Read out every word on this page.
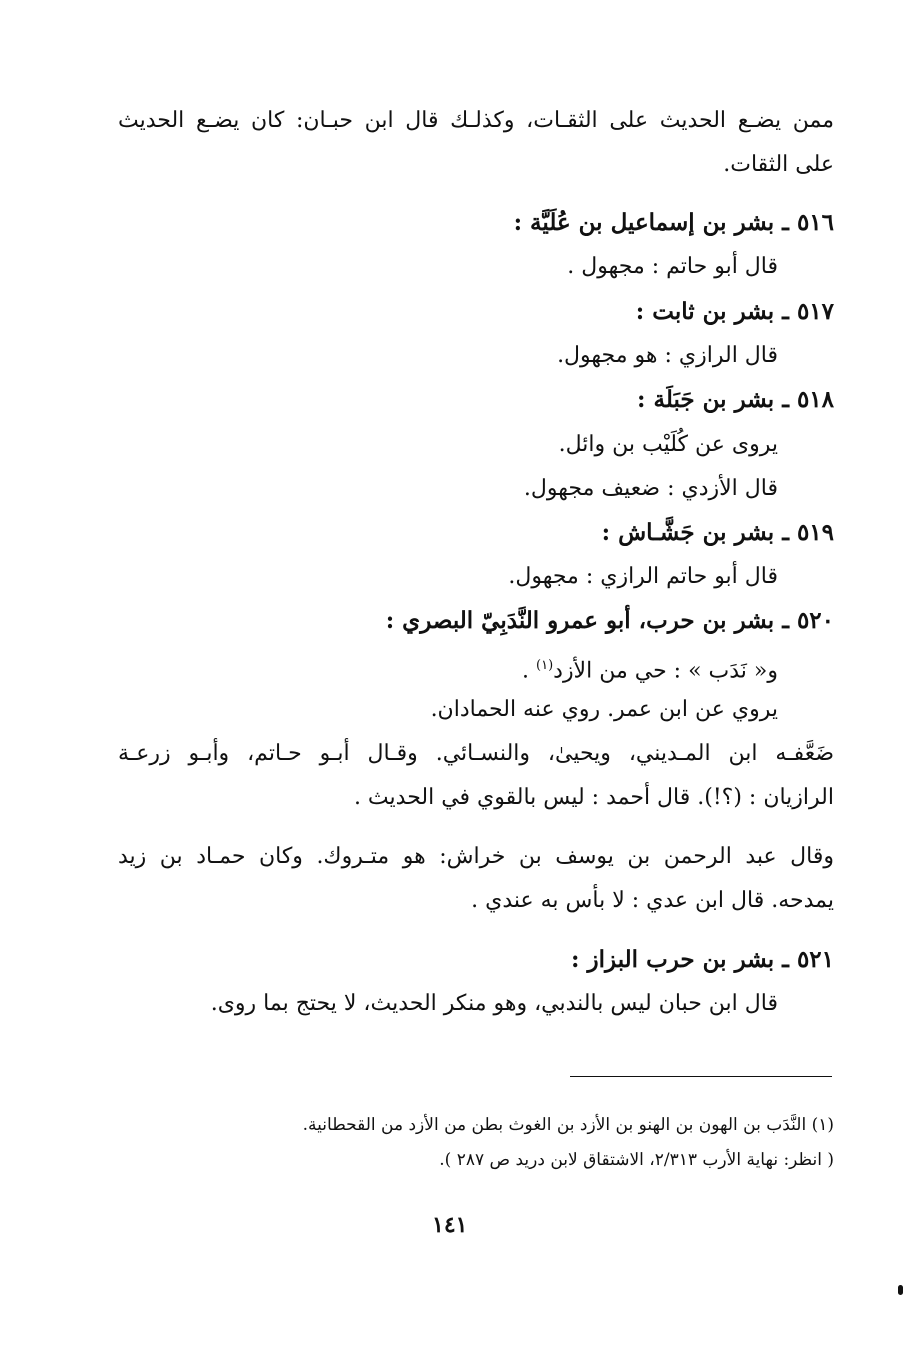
ممن يضـع الحديث على الثقـات، وكذلـك قال ابن حبـان: كان يضـع الحديث
على الثقات.
٥١٦ ـ بشر بن إسماعيل بن عُلَيَّة :
قال أبو حاتم : مجهول .
٥١٧ ـ بشر بن ثابت :
قال الرازي : هو مجهول.
٥١٨ ـ بشر بن جَبَلَة :
يروى عن كُلَيْب بن وائل.
قال الأزدي : ضعيف مجهول.
٥١٩ ـ بشر بن جَشَّـاش :
قال أبو حاتم الرازي : مجهول.
٥٢٠ ـ بشر بن حرب، أبو عمرو النَّدَبِيّ البصري :
و« نَدَب » : حي من الأزد$^{(١)}$ .
يروي عن ابن عمر. روي عنه الحمادان.
ضَعَّفـه ابن المـديني، ويحيىٰ، والنسـائي. وقـال أبـو حـاتم، وأبـو زرعـة
الرازيان : (؟!). قال أحمد : ليس بالقوي في الحديث .
وقال عبد الرحمن بن يوسف بن خراش: هو متـروك. وكان حمـاد بن زيد
يمدحه. قال ابن عدي : لا بأس به عندي .
٥٢١ ـ بشر بن حرب البزاز :
قال ابن حبان ليس بالندبي، وهو منكر الحديث، لا يحتج بما روى.
(١) النَّدَب بن الهون بن الهنو بن الأزد بن الغوث بطن من الأزد من القحطانية.
( انظر: نهاية الأرب ٢/٣١٣، الاشتقاق لابن دريد ص ٢٨٧ ).
١٤١
